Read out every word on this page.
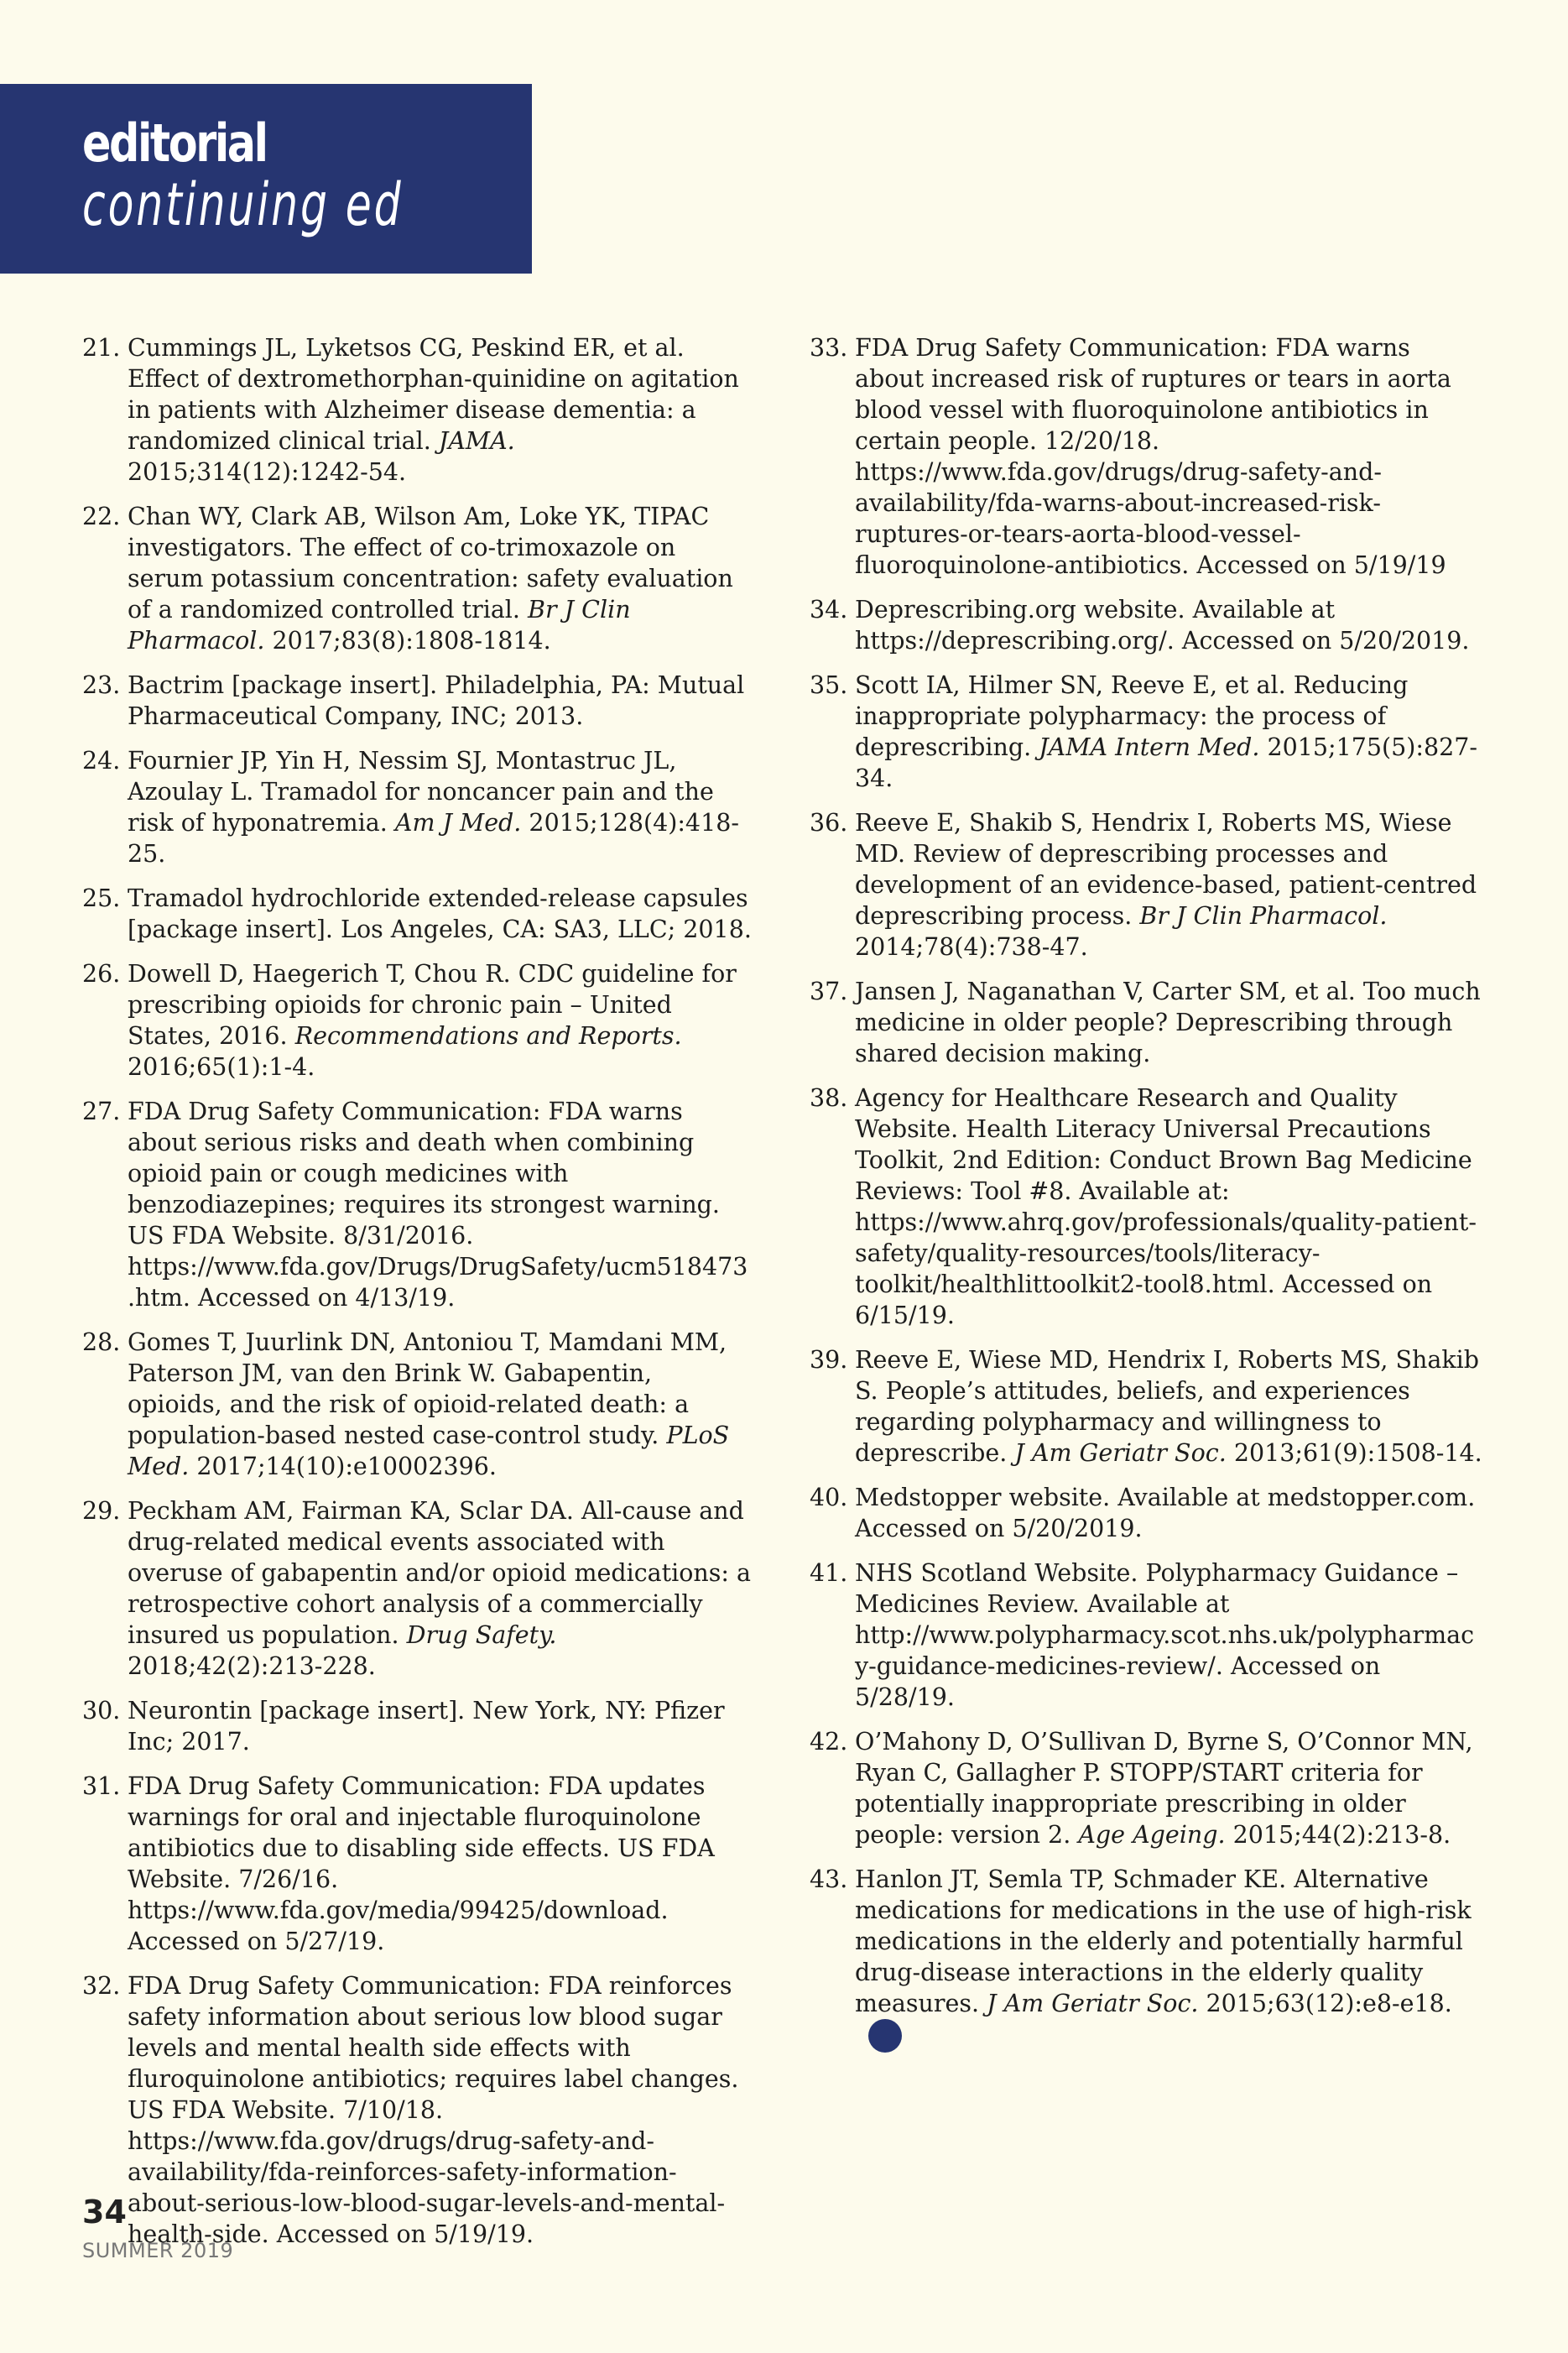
editorial
continuing ed
21. Cummings JL, Lyketsos CG, Peskind ER, et al. Effect of dextromethorphan-quinidine on agitation in patients with Alzheimer disease dementia: a randomized clinical trial. JAMA. 2015;314(12):1242-54.
22. Chan WY, Clark AB, Wilson Am, Loke YK, TIPAC investigators. The effect of co-trimoxazole on serum potassium concentration: safety evaluation of a randomized controlled trial. Br J Clin Pharmacol. 2017;83(8):1808-1814.
23. Bactrim [package insert]. Philadelphia, PA: Mutual Pharmaceutical Company, INC; 2013.
24. Fournier JP, Yin H, Nessim SJ, Montastruc JL, Azoulay L. Tramadol for noncancer pain and the risk of hyponatremia. Am J Med. 2015;128(4):418-25.
25. Tramadol hydrochloride extended-release capsules [package insert]. Los Angeles, CA: SA3, LLC; 2018.
26. Dowell D, Haegerich T, Chou R. CDC guideline for prescribing opioids for chronic pain – United States, 2016. Recommendations and Reports. 2016;65(1):1-4.
27. FDA Drug Safety Communication: FDA warns about serious risks and death when combining opioid pain or cough medicines with benzodiazepines; requires its strongest warning. US FDA Website. 8/31/2016. https://www.fda.gov/Drugs/DrugSafety/ucm518473.htm. Accessed on 4/13/19.
28. Gomes T, Juurlink DN, Antoniou T, Mamdani MM, Paterson JM, van den Brink W. Gabapentin, opioids, and the risk of opioid-related death: a population-based nested case-control study. PLoS Med. 2017;14(10):e10002396.
29. Peckham AM, Fairman KA, Sclar DA. All-cause and drug-related medical events associated with overuse of gabapentin and/or opioid medications: a retrospective cohort analysis of a commercially insured us population. Drug Safety. 2018;42(2):213-228.
30. Neurontin [package insert]. New York, NY: Pfizer Inc; 2017.
31. FDA Drug Safety Communication: FDA updates warnings for oral and injectable fluroquinolone antibiotics due to disabling side effects. US FDA Website. 7/26/16. https://www.fda.gov/media/99425/download. Accessed on 5/27/19.
32. FDA Drug Safety Communication: FDA reinforces safety information about serious low blood sugar levels and mental health side effects with fluroquinolone antibiotics; requires label changes. US FDA Website. 7/10/18. https://www.fda.gov/drugs/drug-safety-and-availability/fda-reinforces-safety-information-about-serious-low-blood-sugar-levels-and-mental-health-side. Accessed on 5/19/19.
33. FDA Drug Safety Communication: FDA warns about increased risk of ruptures or tears in aorta blood vessel with fluoroquinolone antibiotics in certain people. 12/20/18. https://www.fda.gov/drugs/drug-safety-and-availability/fda-warns-about-increased-risk-ruptures-or-tears-aorta-blood-vessel-fluoroquinolone-antibiotics. Accessed on 5/19/19
34. Deprescribing.org website. Available at https://deprescribing.org/. Accessed on 5/20/2019.
35. Scott IA, Hilmer SN, Reeve E, et al. Reducing inappropriate polypharmacy: the process of deprescribing. JAMA Intern Med. 2015;175(5):827-34.
36. Reeve E, Shakib S, Hendrix I, Roberts MS, Wiese MD. Review of deprescribing processes and development of an evidence-based, patient-centred deprescribing process. Br J Clin Pharmacol. 2014;78(4):738-47.
37. Jansen J, Naganathan V, Carter SM, et al. Too much medicine in older people? Deprescribing through shared decision making.
38. Agency for Healthcare Research and Quality Website. Health Literacy Universal Precautions Toolkit, 2nd Edition: Conduct Brown Bag Medicine Reviews: Tool #8. Available at: https://www.ahrq.gov/professionals/quality-patient-safety/quality-resources/tools/literacy-toolkit/healthlittoolkit2-tool8.html. Accessed on 6/15/19.
39. Reeve E, Wiese MD, Hendrix I, Roberts MS, Shakib S. People’s attitudes, beliefs, and experiences regarding polypharmacy and willingness to deprescribe. J Am Geriatr Soc. 2013;61(9):1508-14.
40. Medstopper website. Available at medstopper.com. Accessed on 5/20/2019.
41. NHS Scotland Website. Polypharmacy Guidance – Medicines Review. Available at http://www.polypharmacy.scot.nhs.uk/polypharmacy-guidance-medicines-review/. Accessed on 5/28/19.
42. O’Mahony D, O’Sullivan D, Byrne S, O’Connor MN, Ryan C, Gallagher P. STOPP/START criteria for potentially inappropriate prescribing in older people: version 2. Age Ageing. 2015;44(2):213-8.
43. Hanlon JT, Semla TP, Schmader KE. Alternative medications for medications in the use of high-risk medications in the elderly and potentially harmful drug-disease interactions in the elderly quality measures. J Am Geriatr Soc. 2015;63(12):e8-e18.
34
SUMMER 2019
